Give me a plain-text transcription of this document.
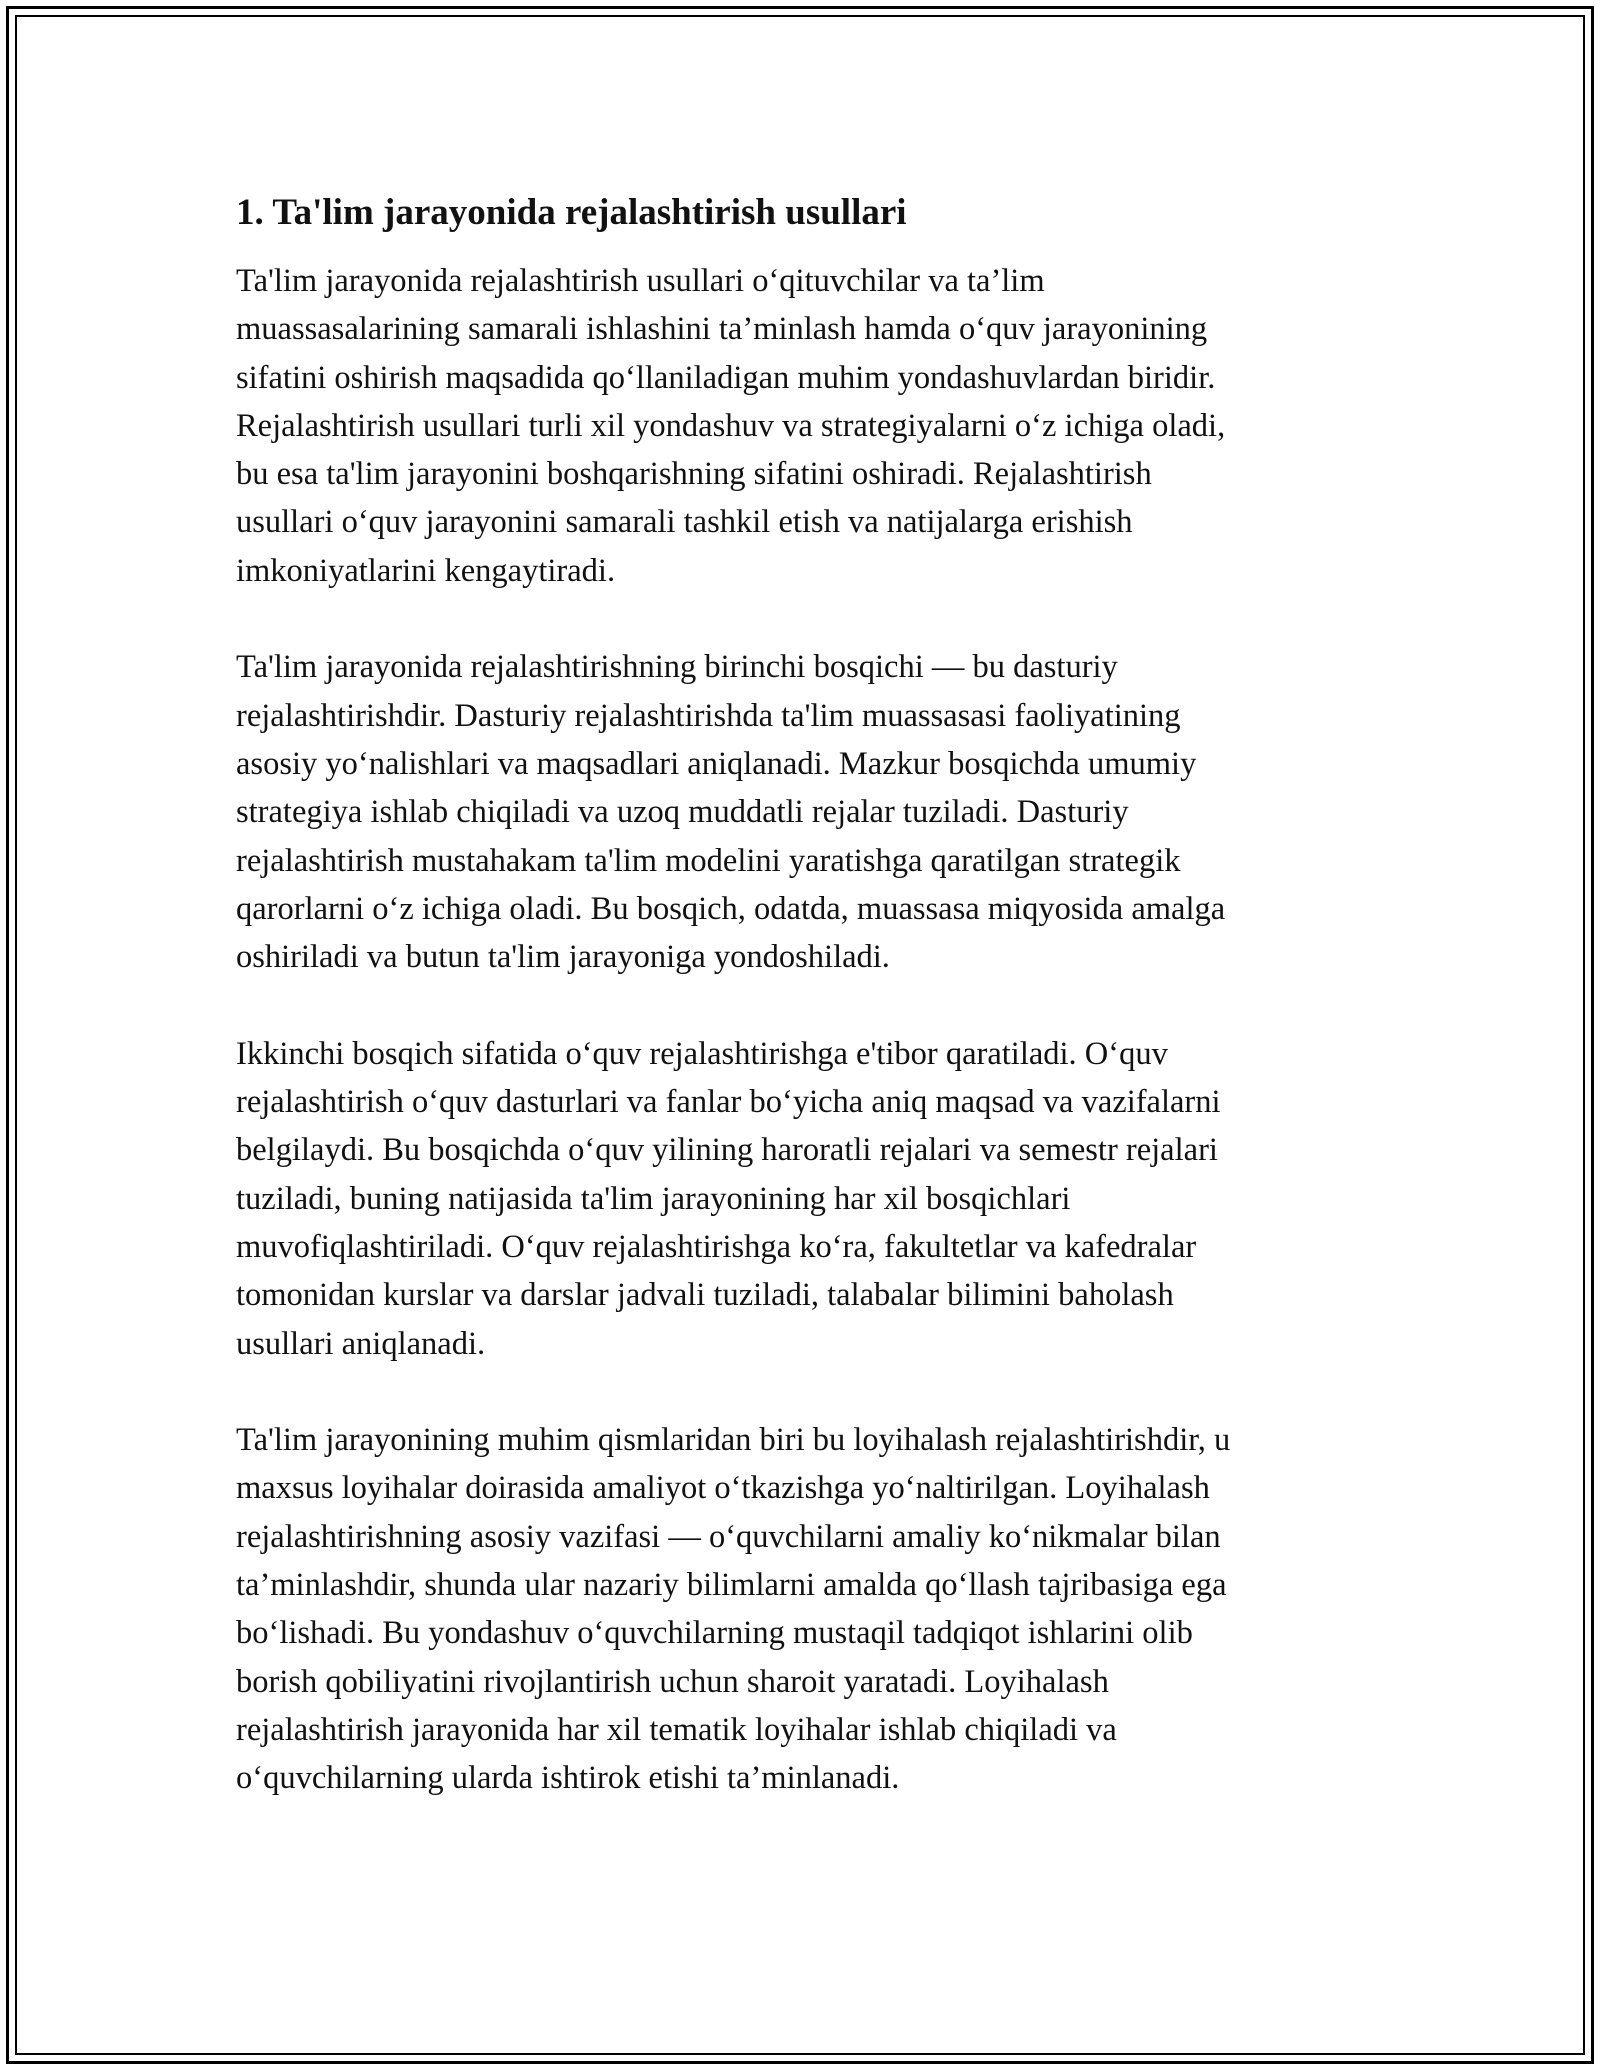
1. Ta'lim jarayonida rejalashtirish usullari

Ta'lim jarayonida rejalashtirish usullari o‘qituvchilar va ta’lim
muassasalarining samarali ishlashini ta’minlash hamda o‘quv jarayonining
sifatini oshirish maqsadida qo‘llaniladigan muhim yondashuvlardan biridir.
Rejalashtirish usullari turli xil yondashuv va strategiyalarni o‘z ichiga oladi,
bu esa ta'lim jarayonini boshqarishning sifatini oshiradi. Rejalashtirish
usullari o‘quv jarayonini samarali tashkil etish va natijalarga erishish
imkoniyatlarini kengaytiradi.

Ta'lim jarayonida rejalashtirishning birinchi bosqichi — bu dasturiy
rejalashtirishdir. Dasturiy rejalashtirishda ta'lim muassasasi faoliyatining
asosiy yo‘nalishlari va maqsadlari aniqlanadi. Mazkur bosqichda umumiy
strategiya ishlab chiqiladi va uzoq muddatli rejalar tuziladi. Dasturiy
rejalashtirish mustahakam ta'lim modelini yaratishga qaratilgan strategik
qarorlarni o‘z ichiga oladi. Bu bosqich, odatda, muassasa miqyosida amalga
oshiriladi va butun ta'lim jarayoniga yondoshiladi.

Ikkinchi bosqich sifatida o‘quv rejalashtirishga e'tibor qaratiladi. O‘quv
rejalashtirish o‘quv dasturlari va fanlar bo‘yicha aniq maqsad va vazifalarni
belgilaydi. Bu bosqichda o‘quv yilining haroratli rejalari va semestr rejalari
tuziladi, buning natijasida ta'lim jarayonining har xil bosqichlari
muvofiqlashtiriladi. O‘quv rejalashtirishga ko‘ra, fakultetlar va kafedralar
tomonidan kurslar va darslar jadvali tuziladi, talabalar bilimini baholash
usullari aniqlanadi.

Ta'lim jarayonining muhim qismlaridan biri bu loyihalash rejalashtirishdir, u
maxsus loyihalar doirasida amaliyot o‘tkazishga yo‘naltirilgan. Loyihalash
rejalashtirishning asosiy vazifasi — o‘quvchilarni amaliy ko‘nikmalar bilan
ta’minlashdir, shunda ular nazariy bilimlarni amalda qo‘llash tajribasiga ega
bo‘lishadi. Bu yondashuv o‘quvchilarning mustaqil tadqiqot ishlarini olib
borish qobiliyatini rivojlantirish uchun sharoit yaratadi. Loyihalash
rejalashtirish jarayonida har xil tematik loyihalar ishlab chiqiladi va
o‘quvchilarning ularda ishtirok etishi ta’minlanadi.
